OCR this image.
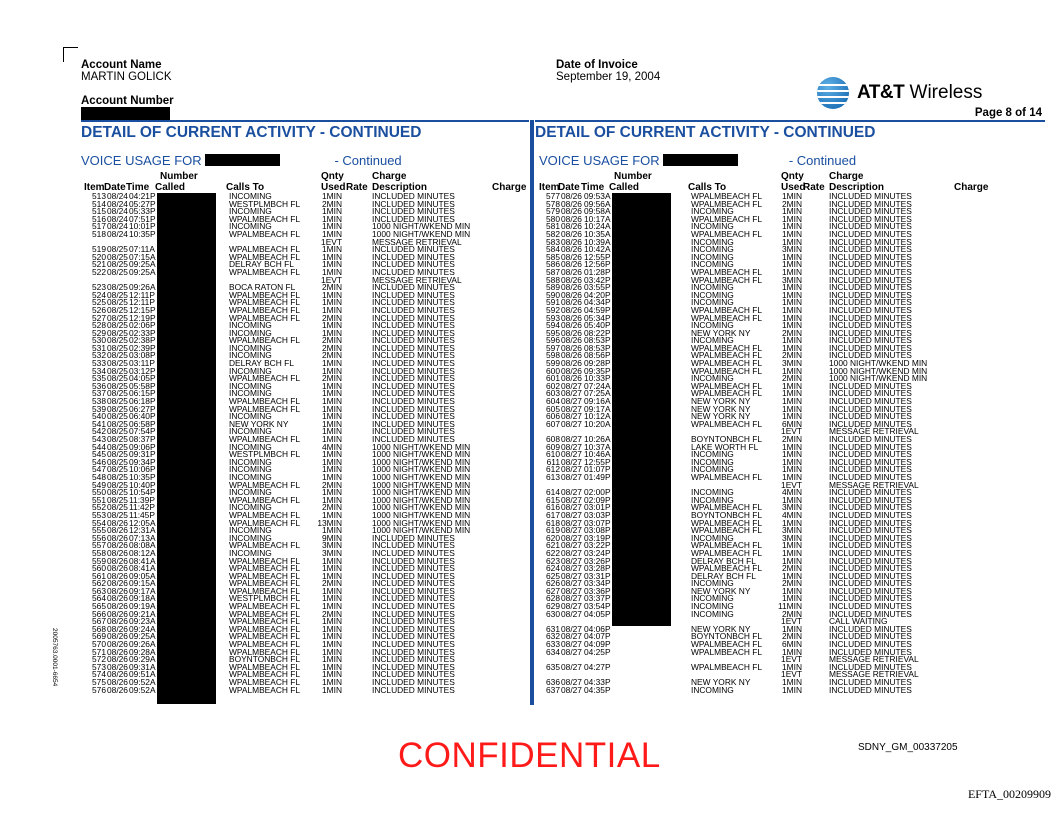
Account Name
MARTIN GOLICK
Account Number
Date of Invoice
September 19, 2004
AT&T Wireless
Page 8 of 14
DETAIL OF CURRENT ACTIVITY - CONTINUED	DETAIL OF CURRENT ACTIVITY - CONTINUED
VOICE USAGE FOR	- Continued	VOICE USAGE FOR	- Continued
Number	Qnty	Charge
Item Date Time Called	Calls To	Used Rate Description	Charge
Number	Qnty	Charge
Item
Date Time Called	Calls To	Used
Rate Description	Charge
513 08/24 04:21P	INCOMING	1MIN	INCLUDED MINUTES
514 08/24 05:27P	WESTPLMBCH FL	2MIN	INCLUDED MINUTES
515 08/24 05:33P	INCOMING	1MIN	INCLUDED MINUTES
516 08/24 07:51P	WPALMBEACH FL	1MIN	INCLUDED MINUTES
517 08/24 10:01P	INCOMING	1MIN	1000 NIGHT/WKEND MIN
518 08/24 10:35P	WPALMBEACH FL	1MIN	1000 NIGHT/WKEND MIN
1EVT	MESSAGE RETRIEVAL
519 08/25 07:11A	WPALMBEACH FL	1MIN	INCLUDED MINUTES
520 08/25 07:15A	WPALMBEACH FL	1MIN	INCLUDED MINUTES
521 08/25 09:25A	DELRAY BCH FL	1MIN	INCLUDED MINUTES
522 08/25 09:25A	WPALMBEACH FL	1MIN	INCLUDED MINUTES
1EVT	MESSAGE RETRIEVAL
523 08/25 09:26A	BOCA RATON FL	2MIN	INCLUDED MINUTES
524 08/25 12:11P	WPALMBEACH FL	1MIN	INCLUDED MINUTES
525 08/25 12:11P	WPALMBEACH FL	1MIN	INCLUDED MINUTES
526 08/25 12:15P	WPALMBEACH FL	1MIN	INCLUDED MINUTES
527 08/25 12:19P	WPALMBEACH FL	2MIN	INCLUDED MINUTES
528 08/25 02:06P	INCOMING	1MIN	INCLUDED MINUTES
529 08/25 02:33P	INCOMING	1MIN	INCLUDED MINUTES
530 08/25 02:38P	WPALMBEACH FL	2MIN	INCLUDED MINUTES
531 08/25 02:39P	INCOMING	2MIN	INCLUDED MINUTES
532 08/25 03:08P	INCOMING	2MIN	INCLUDED MINUTES
533 08/25 03:11P	DELRAY BCH FL	1MIN	INCLUDED MINUTES
534 08/25 03:12P	INCOMING	1MIN	INCLUDED MINUTES
535 08/25 04:05P	WPALMBEACH FL	2MIN	INCLUDED MINUTES
536 08/25 05:58P	INCOMING	1MIN	INCLUDED MINUTES
537 08/25 06:15P	INCOMING	1MIN	INCLUDED MINUTES
538 08/25 06:18P	WPALMBEACH FL	1MIN	INCLUDED MINUTES
539 08/25 06:27P	WPALMBEACH FL	1MIN	INCLUDED MINUTES
540 08/25 06:40P	INCOMING	1MIN	INCLUDED MINUTES
541 08/25 06:58P	NEW YORK NY	1MIN	INCLUDED MINUTES
542 08/25 07:54P	INCOMING	1MIN	INCLUDED MINUTES
543 08/25 08:37P	WPALMBEACH FL	1MIN	INCLUDED MINUTES
544 08/25 09:06P	INCOMING	4MIN	1000 NIGHT/WKEND MIN
545 08/25 09:31P	WESTPLMBCH FL	1MIN	1000 NIGHT/WKEND MIN
546 08/25 09:34P	INCOMING	1MIN	1000 NIGHT/WKEND MIN
547 08/25 10:06P	INCOMING	1MIN	1000 NIGHT/WKEND MIN
548 08/25 10:35P	INCOMING	1MIN	1000 NIGHT/WKEND MIN
549 08/25 10:40P	WPALMBEACH FL	2MIN	1000 NIGHT/WKEND MIN
550 08/25 10:54P	INCOMING	1MIN	1000 NIGHT/WKEND MIN
551 08/25 11:39P	WPALMBEACH FL	1MIN	1000 NIGHT/WKEND MIN
552 08/25 11:42P	INCOMING	2MIN	1000 NIGHT/WKEND MIN
553 08/25 11:45P	WPALMBEACH FL	1MIN	1000 NIGHT/WKEND MIN
554 08/26 12:05A	WPALMBEACH FL	13MIN	1000 NIGHT/WKEND MIN
555 08/26 12:31A	INCOMING	1MIN	1000 NIGHT/WKEND MIN
556 08/26 07:13A	INCOMING	9MIN	INCLUDED MINUTES
557 08/26 08:08A	WPALMBEACH FL	3MIN	INCLUDED MINUTES
558 08/26 08:12A	INCOMING	3MIN	INCLUDED MINUTES
559 08/26 08:41A	WPALMBEACH FL	1MIN	INCLUDED MINUTES
560 08/26 08:41A	WPALMBEACH FL	1MIN	INCLUDED MINUTES
561 08/26 09:05A	WPALMBEACH FL	1MIN	INCLUDED MINUTES
562 08/26 09:15A	WPALMBEACH FL	2MIN	INCLUDED MINUTES
563 08/26 09:17A	WPALMBEACH FL	1MIN	INCLUDED MINUTES
564 08/26 09:18A	WESTPLMBCH FL	1MIN	INCLUDED MINUTES
565 08/26 09:19A	WPALMBEACH FL	1MIN	INCLUDED MINUTES
566 08/26 09:21A	WPALMBEACH FL	2MIN	INCLUDED MINUTES
567 08/26 09:23A	WPALMBEACH FL	1MIN	INCLUDED MINUTES
568 08/26 09:24A	WPALMBEACH FL	1MIN	INCLUDED MINUTES
569 08/26 09:25A	WPALMBEACH FL	1MIN	INCLUDED MINUTES
570 08/26 09:26A	WPALMBEACH FL	1MIN	INCLUDED MINUTES
571 08/26 09:28A	WPALMBEACH FL	1MIN	INCLUDED MINUTES
572 08/26 09:29A	BOYNTONBCH FL	1MIN	INCLUDED MINUTES
573 08/26 09:31A	WPALMBEACH FL	1MIN	INCLUDED MINUTES
574 08/26 09:51A	WPALMBEACH FL	1MIN	INCLUDED MINUTES
575 08/26 09:52A	WPALMBEACH FL	1MIN	INCLUDED MINUTES
576 08/26 09:52A	WPALMBEACH FL	1MIN	INCLUDED MINUTES
577 08/26 09:53A	WPALMBEACH FL	1MIN	INCLUDED MINUTES
578 08/26 09:56A	WPALMBEACH FL	2MIN	INCLUDED MINUTES
579 08/26 09:58A	INCOMING	1MIN	INCLUDED MINUTES
580 08/26 10:17A	WPALMBEACH FL	1MIN	INCLUDED MINUTES
581 08/26 10:24A	INCOMING	1MIN	INCLUDED MINUTES
582 08/26 10:35A	WPALMBEACH FL	1MIN	INCLUDED MINUTES
583 08/26 10:39A	INCOMING	1MIN	INCLUDED MINUTES
584 08/26 10:42A	INCOMING	3MIN	INCLUDED MINUTES
585 08/26 12:55P	INCOMING	1MIN	INCLUDED MINUTES
586 08/26 12:56P	INCOMING	1MIN	INCLUDED MINUTES
587 08/26 01:28P	WPALMBEACH FL	1MIN	INCLUDED MINUTES
588 08/26 03:42P	WPALMBEACH FL	3MIN	INCLUDED MINUTES
589 08/26 03:55P	INCOMING	1MIN	INCLUDED MINUTES
590 08/26 04:20P	INCOMING	1MIN	INCLUDED MINUTES
591 08/26 04:34P	INCOMING	1MIN	INCLUDED MINUTES
592 08/26 04:59P	WPALMBEACH FL	1MIN	INCLUDED MINUTES
593 08/26 05:34P	WPALMBEACH FL	1MIN	INCLUDED MINUTES
594 08/26 05:40P	INCOMING	1MIN	INCLUDED MINUTES
595 08/26 08:22P	NEW YORK NY	2MIN	INCLUDED MINUTES
596 08/26 08:53P	INCOMING	1MIN	INCLUDED MINUTES
597 08/26 08:53P	WPALMBEACH FL	1MIN	INCLUDED MINUTES
598 08/26 08:56P	WPALMBEACH FL	2MIN	INCLUDED MINUTES
599 08/26 09:28P	WPALMBEACH FL	3MIN	1000 NIGHT/WKEND MIN
600 08/26 09:35P	WPALMBEACH FL	1MIN	1000 NIGHT/WKEND MIN
601 08/26 10:33P	INCOMING	2MIN	1000 NIGHT/WKEND MIN
602 08/27 07:24A	WPALMBEACH FL	1MIN	INCLUDED MINUTES
603 08/27 07:25A	WPALMBEACH FL	1MIN	INCLUDED MINUTES
604 08/27 09:16A	NEW YORK NY	1MIN	INCLUDED MINUTES
605 08/27 09:17A	NEW YORK NY	1MIN	INCLUDED MINUTES
606 08/27 10:12A	NEW YORK NY	1MIN	INCLUDED MINUTES
607 08/27 10:20A	WPALMBEACH FL	6MIN	INCLUDED MINUTES
1EVT	MESSAGE RETRIEVAL
608 08/27 10:26A	BOYNTONBCH FL	2MIN	INCLUDED MINUTES
609 08/27 10:37A	LAKE WORTH FL	1MIN	INCLUDED MINUTES
610 08/27 10:46A	INCOMING	1MIN	INCLUDED MINUTES
611 08/27 12:55P	INCOMING	1MIN	INCLUDED MINUTES
612 08/27 01:07P	INCOMING	1MIN	INCLUDED MINUTES
613 08/27 01:49P	WPALMBEACH FL	1MIN	INCLUDED MINUTES
1EVT	MESSAGE RETRIEVAL
614 08/27 02:00P	INCOMING	4MIN	INCLUDED MINUTES
615 08/27 02:09P	INCOMING	1MIN	INCLUDED MINUTES
616 08/27 03:01P	WPALMBEACH FL	3MIN	INCLUDED MINUTES
617 08/27 03:03P	BOYNTONBCH FL	4MIN	INCLUDED MINUTES
618 08/27 03:07P	WPALMBEACH FL	1MIN	INCLUDED MINUTES
619 08/27 03:08P	WPALMBEACH FL	3MIN	INCLUDED MINUTES
620 08/27 03:19P	INCOMING	3MIN	INCLUDED MINUTES
621 08/27 03:22P	WPALMBEACH FL	1MIN	INCLUDED MINUTES
622 08/27 03:24P	WPALMBEACH FL	1MIN	INCLUDED MINUTES
623 08/27 03:26P	DELRAY BCH FL	1MIN	INCLUDED MINUTES
624 08/27 03:28P	WPALMBEACH FL	2MIN	INCLUDED MINUTES
625 08/27 03:31P	DELRAY BCH FL	1MIN	INCLUDED MINUTES
626 08/27 03:34P	INCOMING	2MIN	INCLUDED MINUTES
627 08/27 03:36P	NEW YORK NY	1MIN	INCLUDED MINUTES
628 08/27 03:37P	INCOMING	1MIN	INCLUDED MINUTES
629 08/27 03:54P	INCOMING	11MIN	INCLUDED MINUTES
630 08/27 04:05P	INCOMING	2MIN	INCLUDED MINUTES
1EVT	CALL WAITING
631 08/27 04:06P	NEW YORK NY	1MIN	INCLUDED MINUTES
632 08/27 04:07P	BOYNTONBCH FL	2MIN	INCLUDED MINUTES
633 08/27 04:09P	WPALMBEACH FL	6MIN	INCLUDED MINUTES
634 08/27 04:25P	WPALMBEACH FL	1MIN	INCLUDED MINUTES
1EVT	MESSAGE RETRIEVAL
635 08/27 04:27P	WPALMBEACH FL	1MIN	INCLUDED MINUTES
1EVT	MESSAGE RETRIEVAL
636 08/27 04:33P	NEW YORK NY	1MIN	INCLUDED MINUTES
637 08/27 04:35P	INCOMING	1MIN	INCLUDED MINUTES
CONFIDENTIAL	SDNY_GM_00337205
EFTA_00209909
2005763.0001-6654
